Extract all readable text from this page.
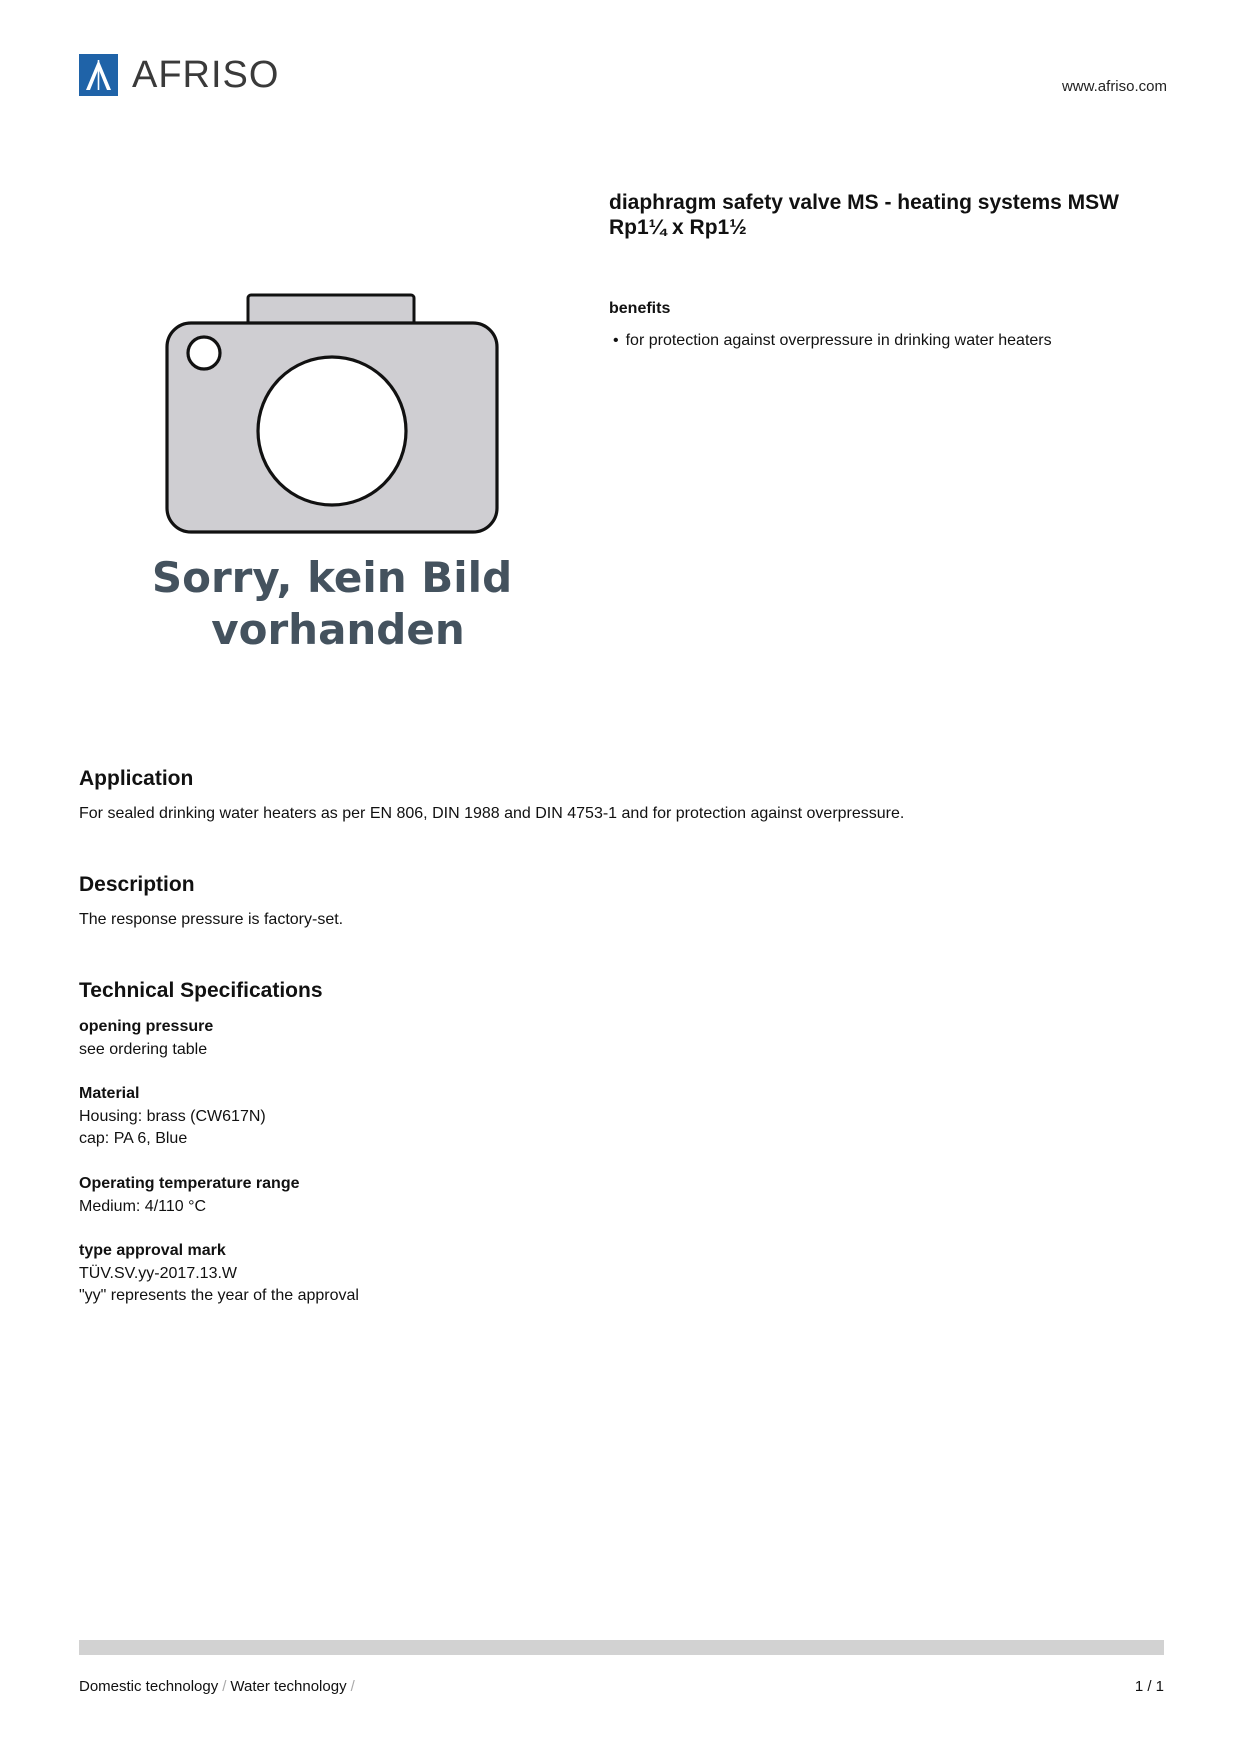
AFRISO	www.afriso.com
diaphragm safety valve MS - heating systems MSW
Rp1¼ x Rp1½
benefits
• for protection against overpressure in drinking water heaters
Sorry, kein Bild
vorhanden
Application
For sealed drinking water heaters as per EN 806, DIN 1988 and DIN 4753-1 and for protection against overpressure.
Description
The response pressure is factory-set.
Technical Specifications
opening pressure
see ordering table
Material
Housing: brass (CW617N)
cap: PA 6, Blue
Operating temperature range
Medium: 4/110 °C
type approval mark
TÜV.SV.yy-2017.13.W
"yy" represents the year of the approval
Domestic technology / Water technology /	1 / 1
